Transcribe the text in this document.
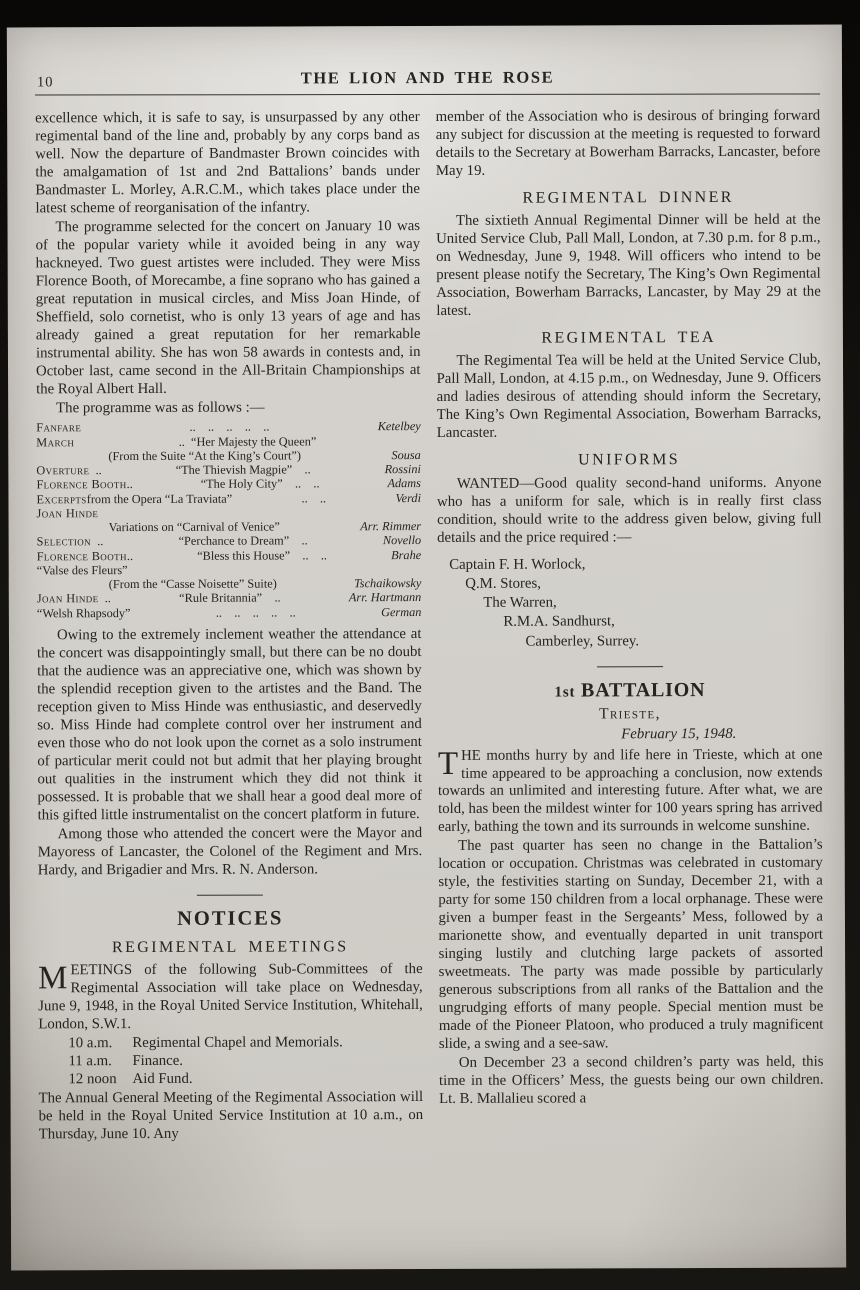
10	THE LION AND THE ROSE

excellence which, it is safe to say, is unsurpassed by any other regimental band of the line and, probably by any corps band as well. Now the departure of Bandmaster Brown coincides with the amalgamation of 1st and 2nd Battalions’ bands under Bandmaster L. Morley, A.R.C.M., which takes place under the latest scheme of reorganisation of the infantry.

The programme selected for the concert on January 10 was of the popular variety while it avoided being in any way hackneyed. Two guest artistes were included. They were Miss Florence Booth, of Morecambe, a fine soprano who has gained a great reputation in musical circles, and Miss Joan Hinde, of Sheffield, solo cornetist, who is only 13 years of age and has already gained a great reputation for her remarkable instrumental ability. She has won 58 awards in contests and, in October last, came second in the All-Britain Championships at the Royal Albert Hall.

The programme was as follows :—

Fanfare	..  ..  ..  ..  ..	Ketelbey
March	.. “Her Majesty the Queen”
(From the Suite “At the King’s Court”)	Sousa
Overture  ..	“The Thievish Magpie”  ..	Rossini
Florence Booth ..	“The Holy City”  ..  ..	Adams
Excerpts from the Opera “La Traviata”	..  ..	Verdi
Joan Hinde
Variations on “Carnival of Venice”	Arr. Rimmer
Selection  ..	“Perchance to Dream”  ..	Novello
Florence Booth ..	“Bless this House”  ..  ..	Brahe
“Valse des Fleurs”
(From the “Casse Noisette” Suite)	Tschaikowsky
Joan Hinde  ..	“Rule Britannia”  ..	Arr. Hartmann
“Welsh Rhapsody”	..  ..  ..  ..  ..	German

Owing to the extremely inclement weather the attendance at the concert was disappointingly small, but there can be no doubt that the audience was an appreciative one, which was shown by the splendid reception given to the artistes and the Band. The reception given to Miss Hinde was enthusiastic, and deservedly so. Miss Hinde had complete control over her instrument and even those who do not look upon the cornet as a solo instrument of particular merit could not but admit that her playing brought out qualities in the instrument which they did not think it possessed. It is probable that we shall hear a good deal more of this gifted little instrumentalist on the concert platform in future.

Among those who attended the concert were the Mayor and Mayoress of Lancaster, the Colonel of the Regiment and Mrs. Hardy, and Brigadier and Mrs. R. N. Anderson.

NOTICES
REGIMENTAL MEETINGS

MEETINGS of the following Sub-Committees of the Regimental Association will take place on Wednesday, June 9, 1948, in the Royal United Service Institution, Whitehall, London, S.W.1.

10 a.m. Regimental Chapel and Memorials.
11 a.m. Finance.
12 noon Aid Fund.

The Annual General Meeting of the Regimental Association will be held in the Royal United Service Institution at 10 a.m., on Thursday, June 10. Any

member of the Association who is desirous of bringing forward any subject for discussion at the meeting is requested to forward details to the Secretary at Bowerham Barracks, Lancaster, before May 19.

REGIMENTAL DINNER

The sixtieth Annual Regimental Dinner will be held at the United Service Club, Pall Mall, London, at 7.30 p.m. for 8 p.m., on Wednesday, June 9, 1948. Will officers who intend to be present please notify the Secretary, The King’s Own Regimental Association, Bowerham Barracks, Lancaster, by May 29 at the latest.

REGIMENTAL TEA

The Regimental Tea will be held at the United Service Club, Pall Mall, London, at 4.15 p.m., on Wednesday, June 9. Officers and ladies desirous of attending should inform the Secretary, The King’s Own Regimental Association, Bowerham Barracks, Lancaster.

UNIFORMS

WANTED—Good quality second-hand uniforms. Anyone who has a uniform for sale, which is in really first class condition, should write to the address given below, giving full details and the price required :—

Captain F. H. Worlock,
Q.M. Stores,
The Warren,
R.M.A. Sandhurst,
Camberley, Surrey.
1st BATTALION
Trieste,
February 15, 1948.

THE months hurry by and life here in Trieste, which at one time appeared to be approaching a conclusion, now extends towards an unlimited and interesting future. After what, we are told, has been the mildest winter for 100 years spring has arrived early, bathing the town and its surrounds in welcome sunshine.

The past quarter has seen no change in the Battalion’s location or occupation. Christmas was celebrated in customary style, the festivities starting on Sunday, December 21, with a party for some 150 children from a local orphanage. These were given a bumper feast in the Sergeants’ Mess, followed by a marionette show, and eventually departed in unit transport singing lustily and clutching large packets of assorted sweetmeats. The party was made possible by particularly generous subscriptions from all ranks of the Battalion and the ungrudging efforts of many people. Special mention must be made of the Pioneer Platoon, who produced a truly magnificent slide, a swing and a see-saw.

On December 23 a second children’s party was held, this time in the Officers’ Mess, the guests being our own children. Lt. B. Mallalieu scored a
